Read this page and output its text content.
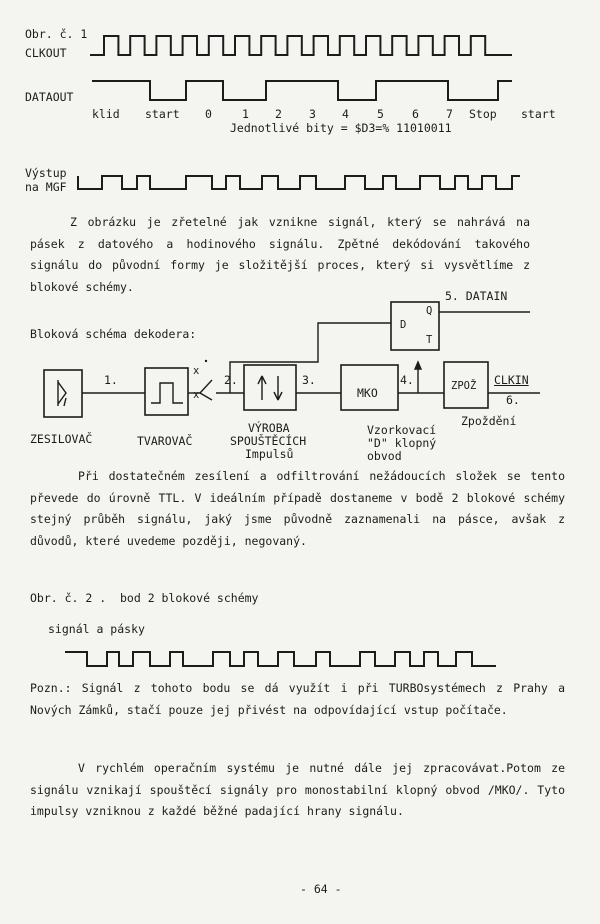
Obr. č. 1
CLKOUT
DATAOUT
klid start 0	1 2 3 4 5 6 7 Stop start
Jednotlivé bity = $D3=% 11010011
Výstup
na MGF

Z obrázku je zřetelné jak vznikne signál, který se nahrává na pásek z datového a hodinového signálu. Zpětné dekódování takového signálu do původní formy je složitější proces, který si vysvětlíme z blokové schémy.

Bloková schéma dekodera:
5. DATAIN
D
Q
T
1.	2.	3.	4.
6.
x
x	MKO	ZPOŽ CLKIN
ZESILOVAČ	TVAROVAČ
VÝROBA
SPOUŠTĚCÍCH
Impulsů
Vzorkovací
"D" klopný
obvod
Zpoždění

Při dostatečném zesílení a odfiltrování nežádoucích složek se tento převede do úrovně TTL. V ideálním případě dostaneme v bodě 2 blokové schémy stejný průběh signálu, jaký jsme původně zaznamenali na pásce, avšak z důvodů, které uvedeme později, negovaný.

Obr. č. 2 .  bod 2 blokové schémy
signál a pásky

Pozn.: Signál z tohoto bodu se dá využít i při TURBOsystémech z Prahy a Nových Zámků, stačí pouze jej přivést na odpovídající vstup počítače.

V rychlém operačním systému je nutné dále jej zpracovávat.Potom ze signálu vznikají spouštěcí signály pro monostabilní klopný obvod /MKO/. Tyto impulsy vzniknou z každé běžné padající hrany signálu.

- 64 -
